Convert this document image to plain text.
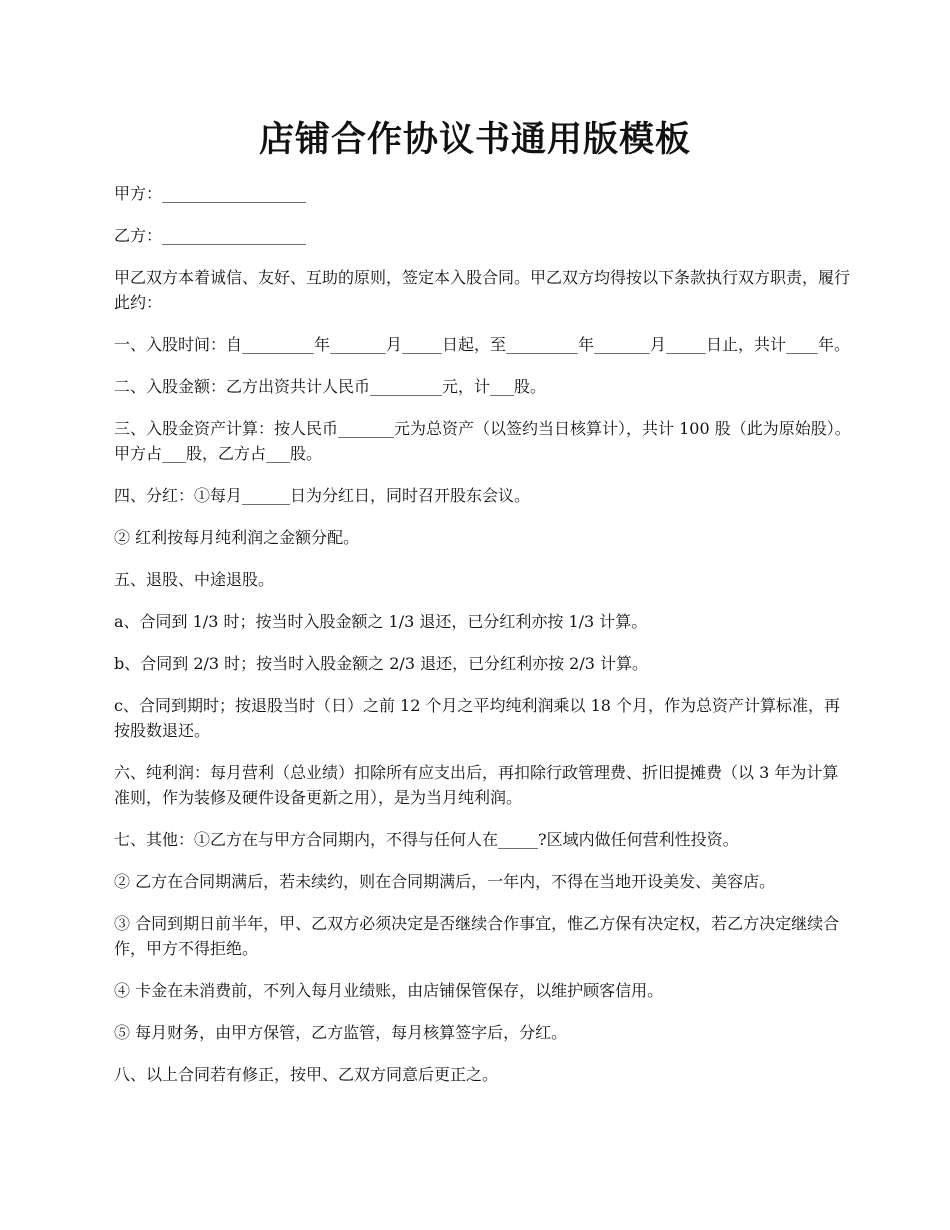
店铺合作协议书通用版模板

甲方：__________________

乙方：__________________

甲乙双方本着诚信、友好、互助的原则，签定本入股合同。甲乙双方均得按以下条款执行双方职责，履行此约：

一、入股时间：自_________年_______月_____日起，至_________年_______月_____日止，共计____年。

二、入股金额：乙方出资共计人民币_________元，计___股。

三、入股金资产计算：按人民币_______元为总资产（以签约当日核算计），共计 100 股（此为原始股）。甲方占___股，乙方占___股。

四、分红：①每月______日为分红日，同时召开股东会议。

② 红利按每月纯利润之金额分配。

五、退股、中途退股。

a、合同到 1/3 时；按当时入股金额之 1/3 退还，已分红利亦按 1/3 计算。

b、合同到 2/3 时；按当时入股金额之 2/3 退还，已分红利亦按 2/3 计算。

c、合同到期时；按退股当时（日）之前 12 个月之平均纯利润乘以 18 个月，作为总资产计算标准，再按股数退还。

六、纯利润：每月营利（总业绩）扣除所有应支出后，再扣除行政管理费、折旧提摊费（以 3 年为计算准则，作为装修及硬件设备更新之用），是为当月纯利润。

七、其他：①乙方在与甲方合同期内，不得与任何人在_____?区域内做任何营利性投资。

② 乙方在合同期满后，若未续约，则在合同期满后，一年内，不得在当地开设美发、美容店。

③ 合同到期日前半年，甲、乙双方必须决定是否继续合作事宜，惟乙方保有决定权，若乙方决定继续合作，甲方不得拒绝。

④ 卡金在未消费前，不列入每月业绩账，由店铺保管保存，以维护顾客信用。

⑤ 每月财务，由甲方保管，乙方监管，每月核算签字后，分红。

八、以上合同若有修正，按甲、乙双方同意后更正之。
